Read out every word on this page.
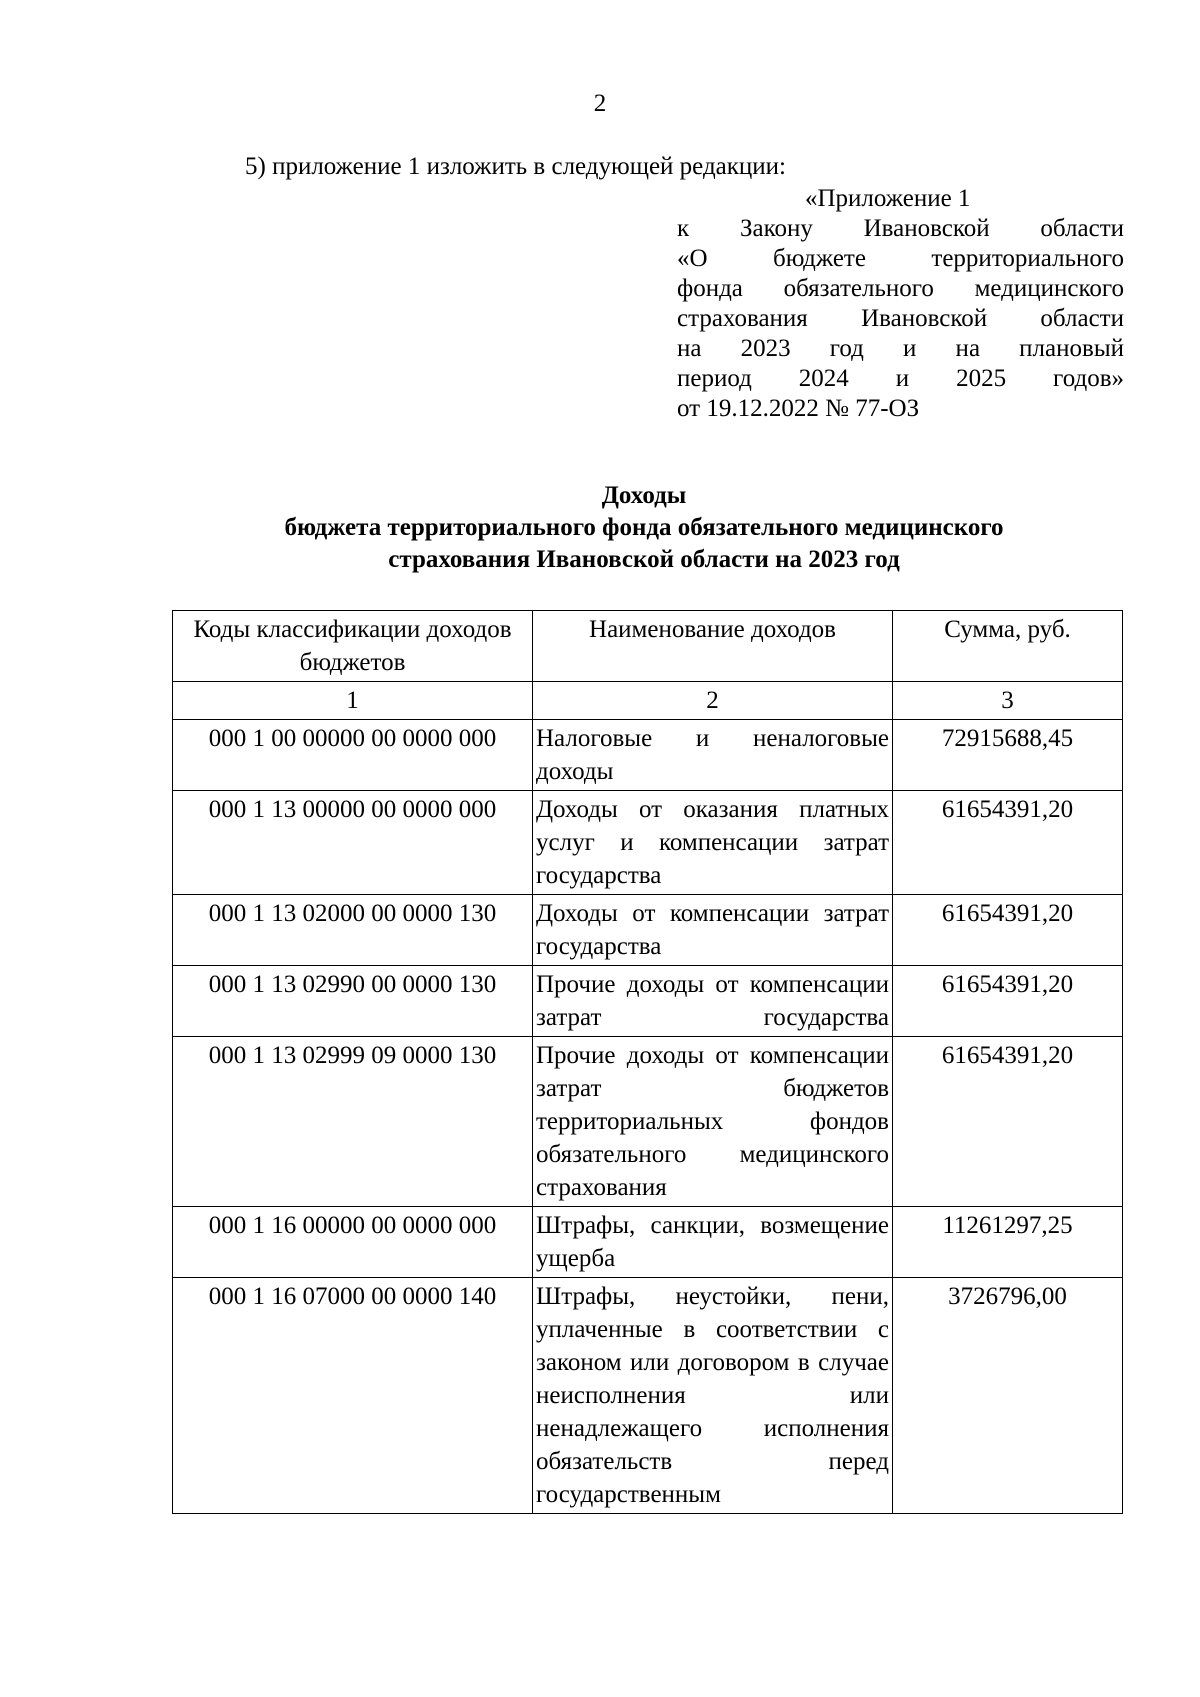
2
5) приложение 1 изложить в следующей редакции:
«Приложение 1
к Закону Ивановской области
«О бюджете территориального
фонда обязательного медицинского
страхования Ивановской области
на 2023 год и на плановый
период 2024 и 2025 годов»
от 19.12.2022 № 77-ОЗ
Доходы
бюджета территориального фонда обязательного медицинского
страхования Ивановской области на 2023 год
Коды классификации доходов бюджетов	Наименование доходов	Сумма, руб.
1	2	3
000 1 00 00000 00 0000 000	Налоговые и неналоговые доходы	72915688,45
000 1 13 00000 00 0000 000	Доходы от оказания платных услуг и компенсации затрат государства	61654391,20
000 1 13 02000 00 0000 130	Доходы от компенсации затрат государства	61654391,20
000 1 13 02990 00 0000 130	Прочие доходы от компенсации затрат государства	61654391,20
000 1 13 02999 09 0000 130	Прочие доходы от компенсации затрат бюджетов территориальных фондов обязательного медицинского страхования	61654391,20
000 1 16 00000 00 0000 000	Штрафы, санкции, возмещение ущерба	11261297,25
000 1 16 07000 00 0000 140	Штрафы, неустойки, пени, уплаченные в соответствии с законом или договором в случае неисполнения или ненадлежащего исполнения обязательств перед государственным	3726796,00
